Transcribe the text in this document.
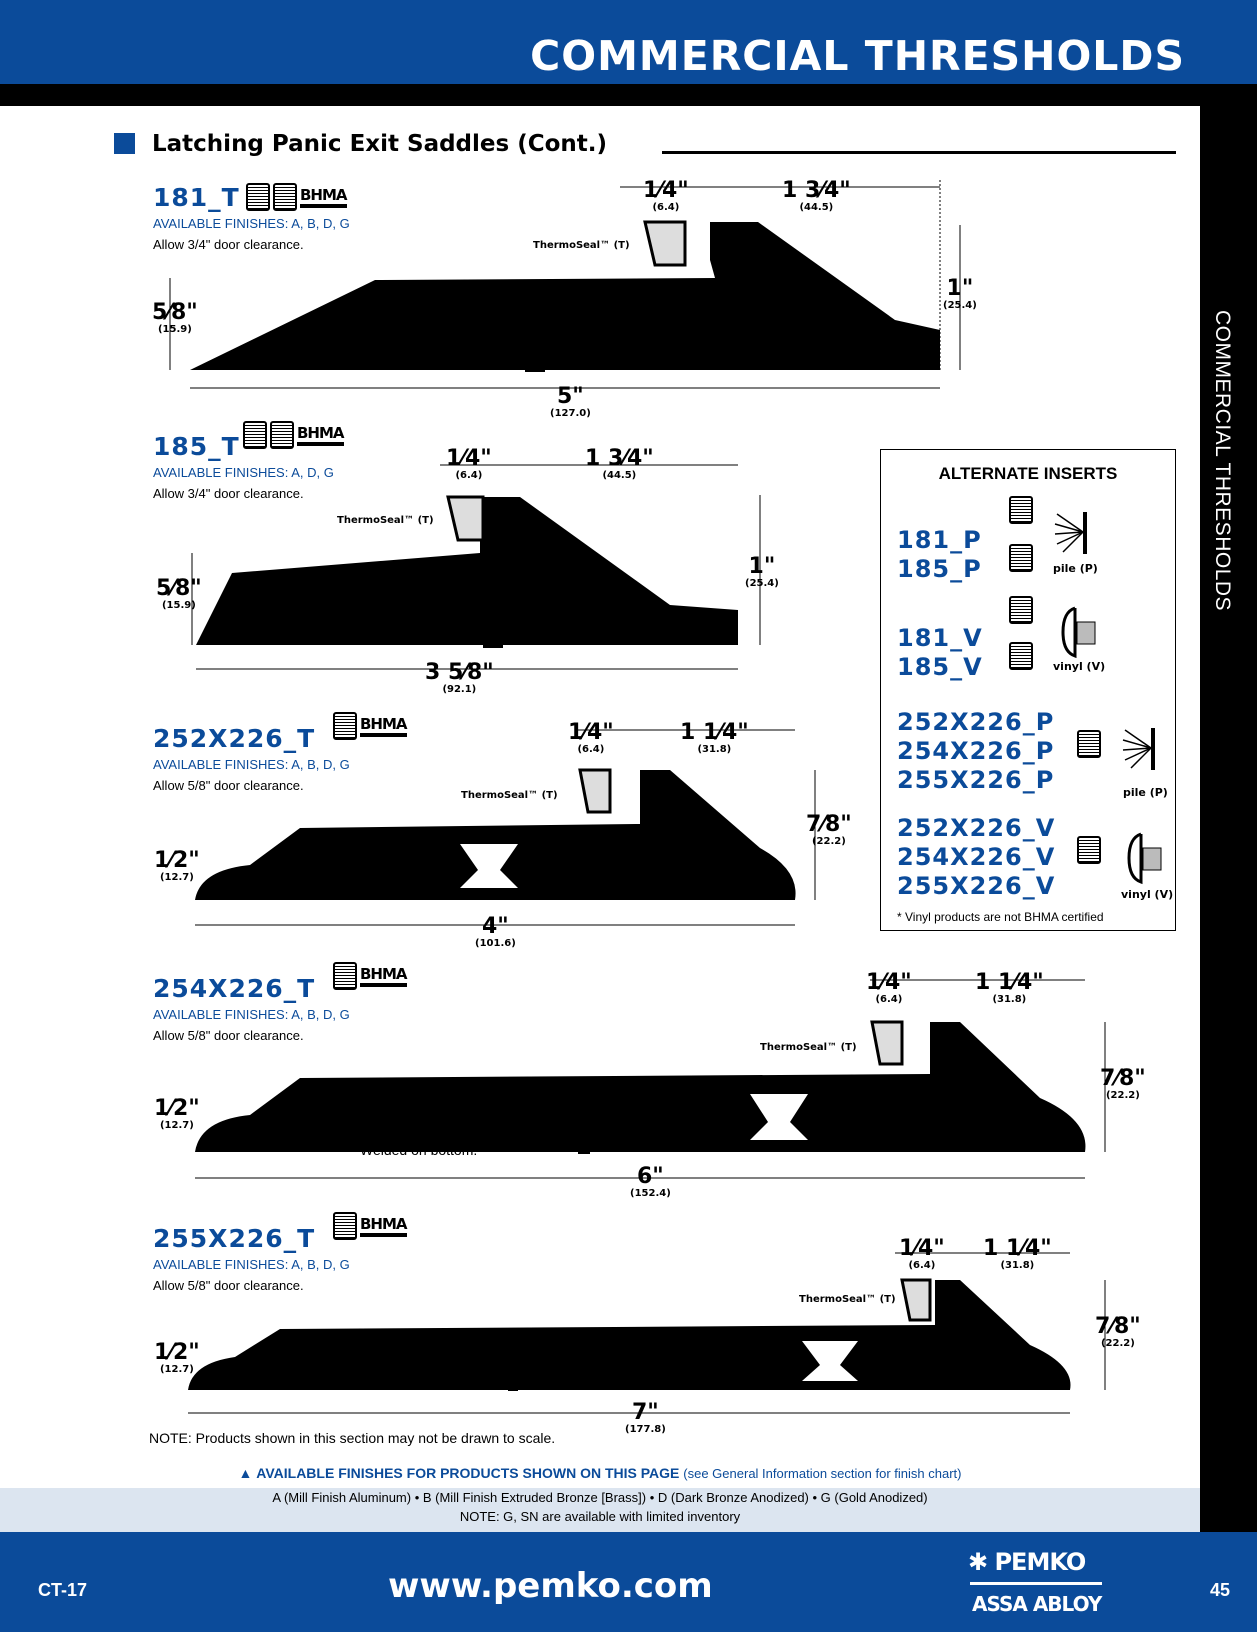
COMMERCIAL THRESHOLDS
COMMERCIAL THRESHOLDS
Latching Panic Exit Saddles (Cont.)
181_T
AVAILABLE FINISHES: A, B, D, G
Allow 3/4" door clearance.
BHMA	1⁄4"
(6.4)
1 3⁄4"
(44.5)
1"
(25.4)
5⁄8"
(15.9)
5"
(127.0)
ThermoSeal™ (T)
185_T
AVAILABLE FINISHES: A, D, G
Allow 3/4" door clearance.
BHMA
1⁄4"
(6.4)
1 3⁄4"
(44.5)
1"
(25.4)
5⁄8"
(15.9)
3 5⁄8"
(92.1)
ThermoSeal™ (T)
252X226_T
AVAILABLE FINISHES: A, B, D, G
Allow 5/8" door clearance.
BHMA	1⁄4"
(6.4)
1 1⁄4"
(31.8)
7⁄8"
(22.2)
1⁄2"
(12.7)
4"
(101.6)
ThermoSeal™ (T)
Welded on bottom.
254X226_T
AVAILABLE FINISHES: A, B, D, G
Allow 5/8" door clearance.
BHMA	1⁄4"
(6.4)
1 1⁄4"
(31.8)
7⁄8"
(22.2)
1⁄2"
(12.7)
6"
(152.4)
ThermoSeal™ (T)
Welded on bottom.
255X226_T
AVAILABLE FINISHES: A, B, D, G
Allow 5/8" door clearance.
BHMA
1⁄4"
(6.4)
1 1⁄4"
(31.8)
7⁄8"
(22.2)
1⁄2"
(12.7)
7"
(177.8)
ThermoSeal™ (T)
Welded on bottom.
ALTERNATE INSERTS
181_P
185_P	pile (P)
181_V
185_V	vinyl (V)
252X226_P
254X226_P
255X226_P	pile (P)
252X226_V
254X226_V
255X226_V	vinyl (V)
* Vinyl products are not BHMA certified
NOTE: Products shown in this section may not be drawn to scale.
▲ AVAILABLE FINISHES FOR PRODUCTS SHOWN ON THIS PAGE (see General Information section for finish chart)
A (Mill Finish Aluminum) • B (Mill Finish Extruded Bronze [Brass]) • D (Dark Bronze Anodized) • G (Gold Anodized)
NOTE: G, SN are available with limited inventory
CT-17	www.pemko.com
✱ PEMKO
ASSA ABLOY
45
